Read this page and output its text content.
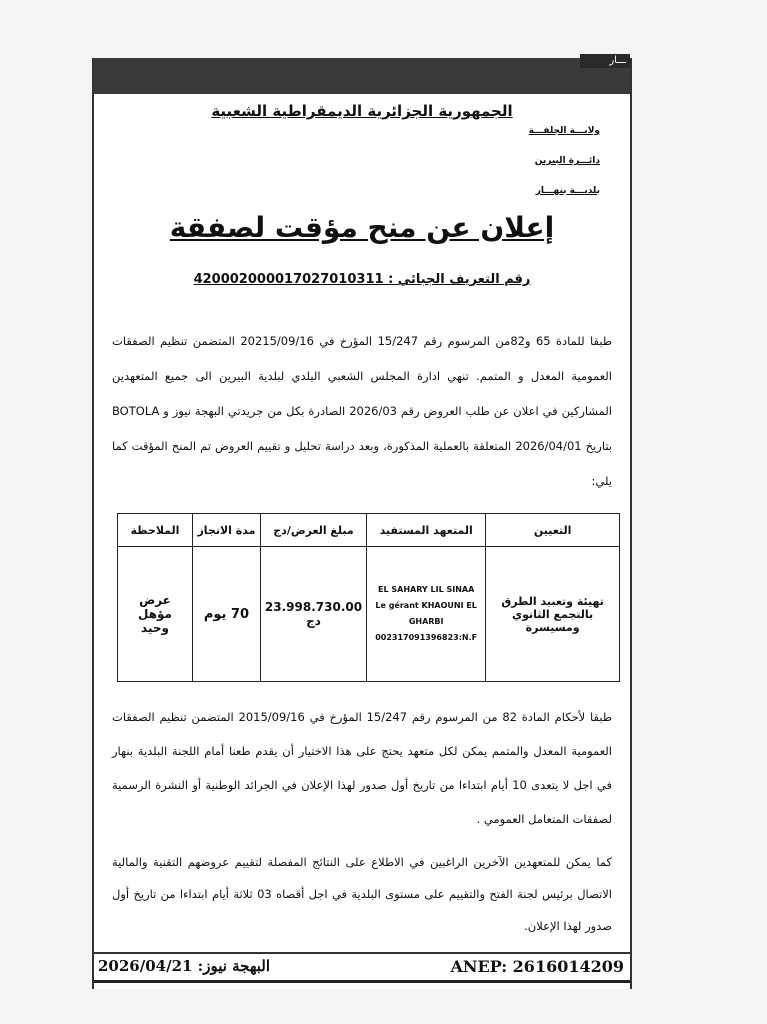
ـــار
الجمهورية الجزائرية الديمقراطية الشعبية
ولايـــة الجلفـــة
دائـــرة البيرين
بلديـــة بنهـــار
إعلان عن منح مؤقت لصفقة
رقم التعريف الجبائي : 420002000017027010311
طبقا للمادة 65 و82من المرسوم رقم 15/247 المؤرخ في 20215/09/16 المتضمن تنظيم الصفقات العمومية المعدل و المتمم. تنهي ادارة المجلس الشعبي البلدي لبلدية البيرين الى جميع المتعهدين المشاركين في اعلان عن طلب العروض رقم 2026/03 الصادرة بكل من جريدتي البهجة نيوز و BOTOLA بتاريخ 2026/04/01 المتعلقة بالعملية المذكورة، وبعد دراسة تحليل و تقييم العروض تم المنح المؤقت كما يلي:
التعيين	المتعهد المستفيد	مبلغ العرض/دج	مدة الانجاز	الملاحظة
تهيئة وتعبيد الطرق بالتجمع الثانوي ومسيسرة	EL SAHARY LIL SINAA
Le gérant KHAOUNI EL GHARBI
002317091396823:N.F	23.998.730.00 دج	70 يوم	عرض مؤهل وحيد
طبقا لأحكام المادة 82 من المرسوم رقم 15/247 المؤرخ في 2015/09/16 المتضمن تنظيم الصفقات العمومية المعدل والمتمم يمكن لكل متعهد يحتج على هذا الاختيار أن يقدم طعنا أمام اللجنة البلدية بنهار في اجل لا يتعدى 10 أيام ابتداءا من تاريخ أول صدور لهذا الإعلان في الجرائد الوطنية أو النشرة الرسمية لصفقات المتعامل العمومي .
كما يمكن للمتعهدين الآخرين الراغبين في الاطلاع على النتائج المفصلة لتقييم عروضهم التقنية والمالية الاتصال برئيس لجنة الفتح والتقييم على مستوى البلدية في اجل أقصاه 03 ثلاثة أيام ابتداءا من تاريخ أول صدور لهذا الإعلان.
البهجة نيوز: 2026/04/21	ANEP: 2616014209
